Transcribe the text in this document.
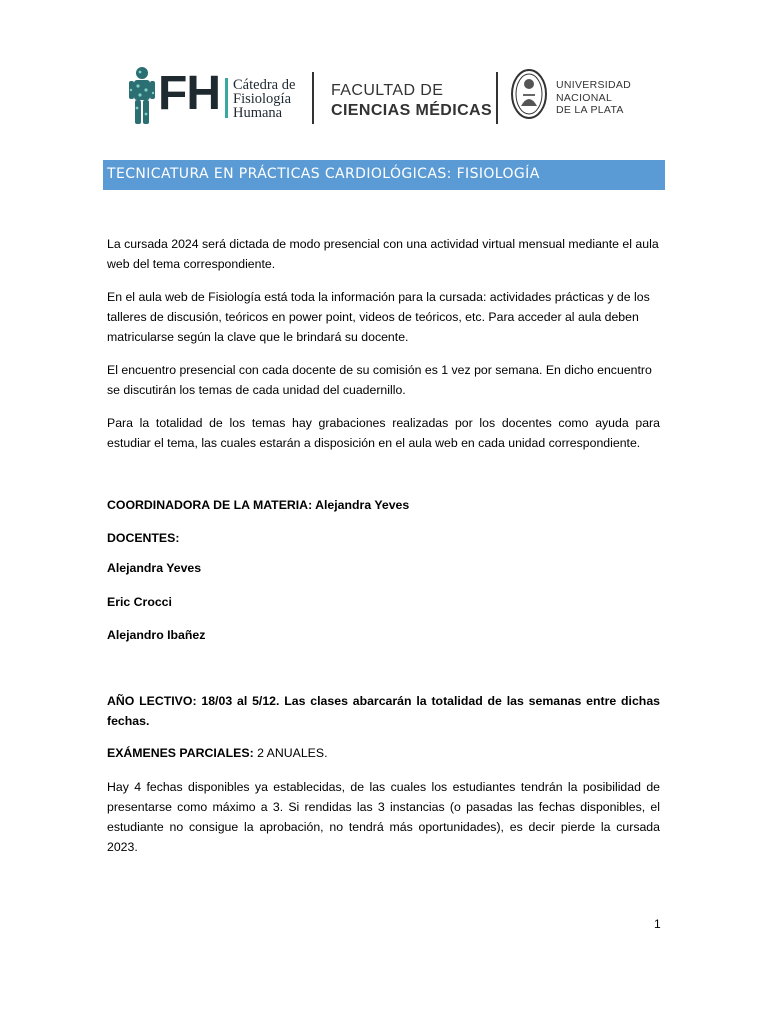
FH Cátedra de
Fisiología
Humana
FACULTAD DE
CIENCIAS MÉDICAS
UNIVERSIDAD
NACIONAL
DE LA PLATA
TECNICATURA EN PRÁCTICAS CARDIOLÓGICAS: FISIOLOGÍA

La cursada 2024 será dictada de modo presencial con una actividad virtual mensual mediante el aula web del tema correspondiente.

En el aula web de Fisiología está toda la información para la cursada: actividades prácticas y de los talleres de discusión, teóricos en power point, videos de teóricos, etc. Para acceder al aula deben matricularse según la clave que le brindará su docente.

El encuentro presencial con cada docente de su comisión es 1 vez por semana. En dicho encuentro se discutirán los temas de cada unidad del cuadernillo.

Para la totalidad de los temas hay grabaciones realizadas por los docentes como ayuda para estudiar el tema, las cuales estarán a disposición en el aula web en cada unidad correspondiente.

COORDINADORA DE LA MATERIA: Alejandra Yeves

DOCENTES:

Alejandra Yeves

Eric Crocci

Alejandro Ibañez

AÑO LECTIVO: 18/03 al 5/12. Las clases abarcarán la totalidad de las semanas entre dichas fechas.

EXÁMENES PARCIALES: 2 ANUALES.

Hay 4 fechas disponibles ya establecidas, de las cuales los estudiantes tendrán la posibilidad de presentarse como máximo a 3. Si rendidas las 3 instancias (o pasadas las fechas disponibles, el estudiante no consigue la aprobación, no tendrá más oportunidades), es decir pierde la cursada 2023.

1
